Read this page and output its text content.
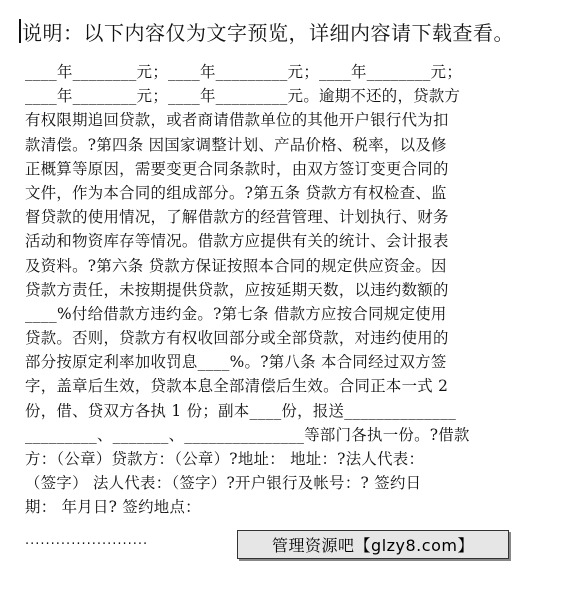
说明：以下内容仅为文字预览，详细内容请下载查看。
____年________元；____年_________元；____年________元；
____年________元；____年_________元。逾期不还的，贷款方
有权限期追回贷款，或者商请借款单位的其他开户银行代为扣
款清偿。?第四条 因国家调整计划、产品价格、税率，以及修
正概算等原因，需要变更合同条款时，由双方签订变更合同的
文件，作为本合同的组成部分。?第五条 贷款方有权检查、监
督贷款的使用情况，了解借款方的经营管理、计划执行、财务
活动和物资库存等情况。借款方应提供有关的统计、会计报表
及资料。?第六条 贷款方保证按照本合同的规定供应资金。因
贷款方责任，未按期提供贷款，应按延期天数，以违约数额的
____%付给借款方违约金。?第七条 借款方应按合同规定使用
贷款。否则，贷款方有权收回部分或全部贷款，对违约使用的
部分按原定利率加收罚息____%。?第八条 本合同经过双方签
字，盖章后生效，贷款本息全部清偿后生效。合同正本一式 2
份，借、贷双方各执 1 份；副本____份，报送______________
_________、_______、_______________等部门各执一份。?借款
方：（公章）贷款方：（公章）?地址： 地址：?法人代表：
（签字） 法人代表：（签字）?开户银行及帐号：? 签约日
期： 年月日? 签约地点：
........................	管理资源吧【glzy8.com】
